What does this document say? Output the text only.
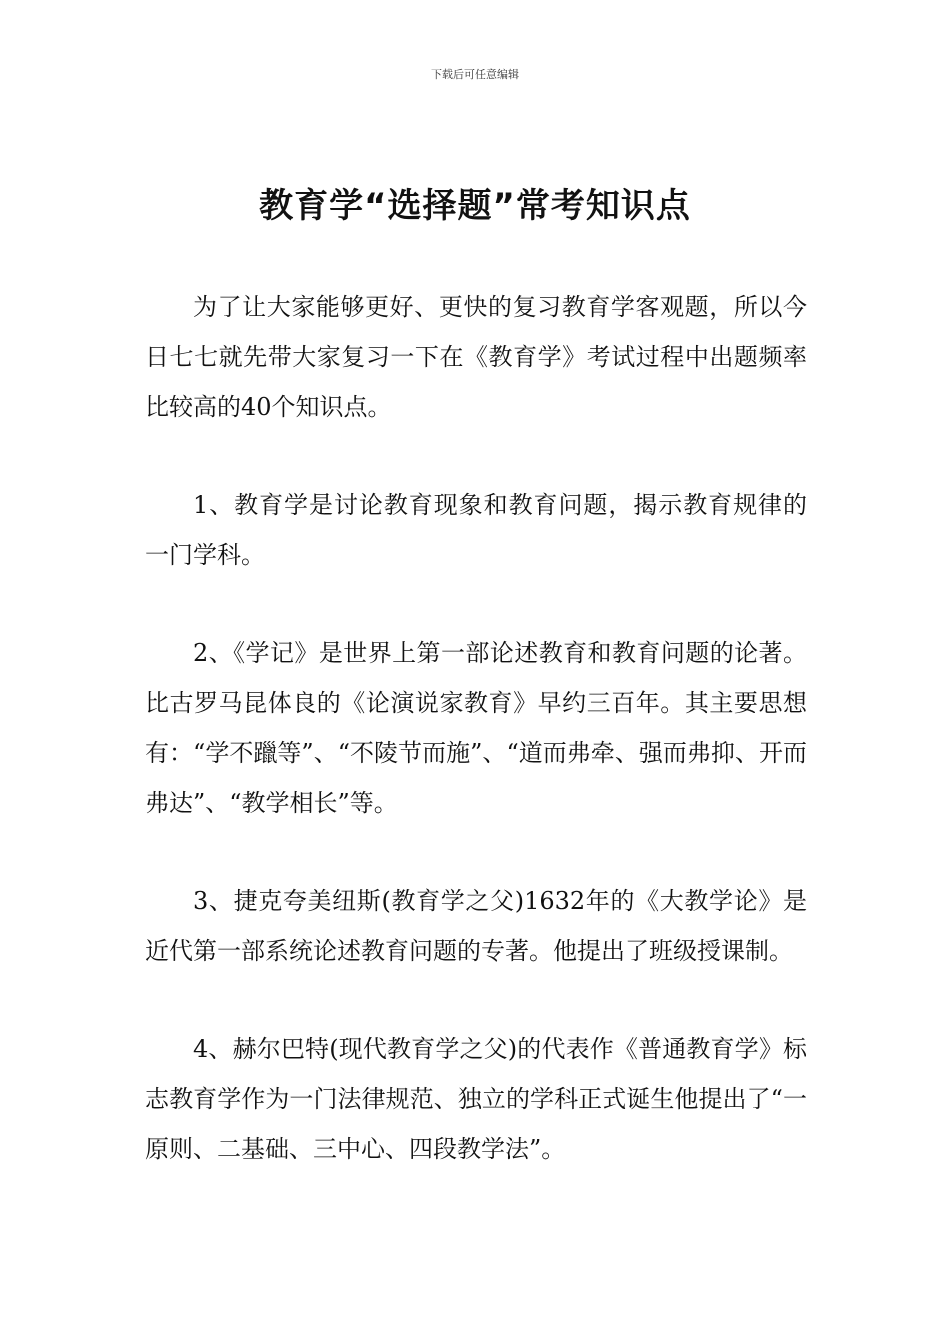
下载后可任意编辑
教育学“选择题”常考知识点

为了让大家能够更好、更快的复习教育学客观题，所以今日七七就先带大家复习一下在《教育学》考试过程中出题频率比较高的40个知识点。

1、教育学是讨论教育现象和教育问题，揭示教育规律的一门学科。

2、《学记》是世界上第一部论述教育和教育问题的论著。比古罗马昆体良的《论演说家教育》早约三百年。其主要思想有：“学不躐等”、“不陵节而施”、“道而弗牵、强而弗抑、开而弗达”、“教学相长”等。

3、捷克夸美纽斯(教育学之父)1632年的《大教学论》是近代第一部系统论述教育问题的专著。他提出了班级授课制。

4、赫尔巴特(现代教育学之父)的代表作《普通教育学》标志教育学作为一门法律规范、独立的学科正式诞生他提出了“一原则、二基础、三中心、四段教学法”。
